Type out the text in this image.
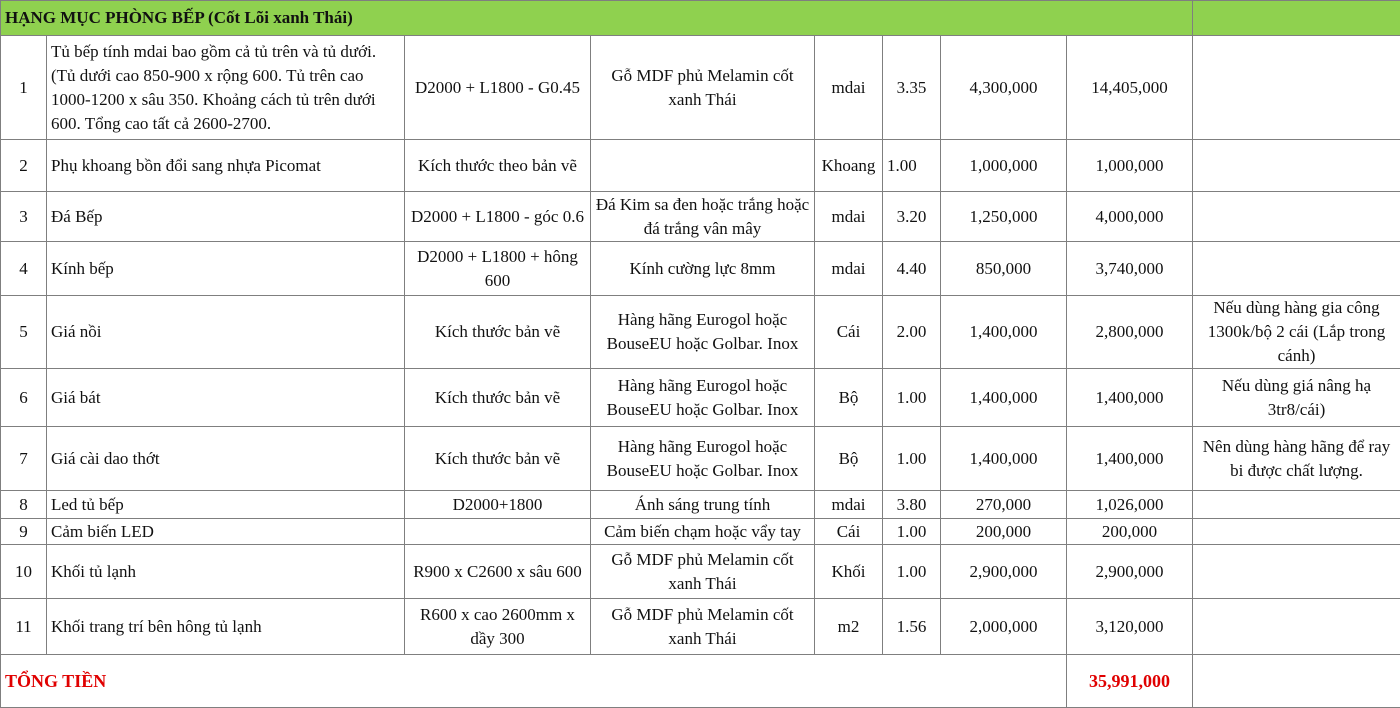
HẠNG MỤC PHÒNG BẾP (Cốt Lõi xanh Thái)								
1	Tủ bếp tính mdai bao gồm cả tủ trên và tủ dưới. (Tủ dưới cao 850-900 x rộng 600. Tủ trên cao 1000-1200 x sâu 350. Khoảng cách tủ trên dưới 600. Tổng cao tất cả 2600-2700.	D2000 + L1800 - G0.45	Gỗ MDF phủ Melamin cốt xanh Thái	mdai	3.35	4,300,000	14,405,000	
2	Phụ khoang bồn đổi sang nhựa Picomat	Kích thước theo bản vẽ		Khoang	1.00	1,000,000	1,000,000	
3	Đá Bếp	D2000 + L1800 - góc 0.6	Đá Kim sa đen hoặc trắng hoặc đá trắng vân mây	mdai	3.20	1,250,000	4,000,000	
4	Kính bếp	D2000 + L1800 + hông 600	Kính cường lực 8mm	mdai	4.40	850,000	3,740,000	
5	Giá nồi	Kích thước bản vẽ	Hàng hãng Eurogol hoặc BouseEU hoặc Golbar. Inox	Cái	2.00	1,400,000	2,800,000	Nếu dùng hàng gia công 1300k/bộ 2 cái (Lắp trong cánh)
6	Giá bát	Kích thước bản vẽ	Hàng hãng Eurogol hoặc BouseEU hoặc Golbar. Inox	Bộ	1.00	1,400,000	1,400,000	Nếu dùng giá nâng hạ 3tr8/cái)
7	Giá cài dao thớt	Kích thước bản vẽ	Hàng hãng Eurogol hoặc BouseEU hoặc Golbar. Inox	Bộ	1.00	1,400,000	1,400,000	Nên dùng hàng hãng để ray bi được chất lượng.
8	Led tủ bếp	D2000+1800	Ánh sáng trung tính	mdai	3.80	270,000	1,026,000	
9	Cảm biến LED		Cảm biến chạm hoặc vẩy tay	Cái	1.00	200,000	200,000	
10	Khối tủ lạnh	R900 x C2600 x sâu 600	Gỗ MDF phủ Melamin cốt xanh Thái	Khối	1.00	2,900,000	2,900,000	
11	Khối trang trí bên hông tủ lạnh	R600 x cao 2600mm x dầy 300	Gỗ MDF phủ Melamin cốt xanh Thái	m2	1.56	2,000,000	3,120,000	
TỔNG TIỀN							35,991,000	
